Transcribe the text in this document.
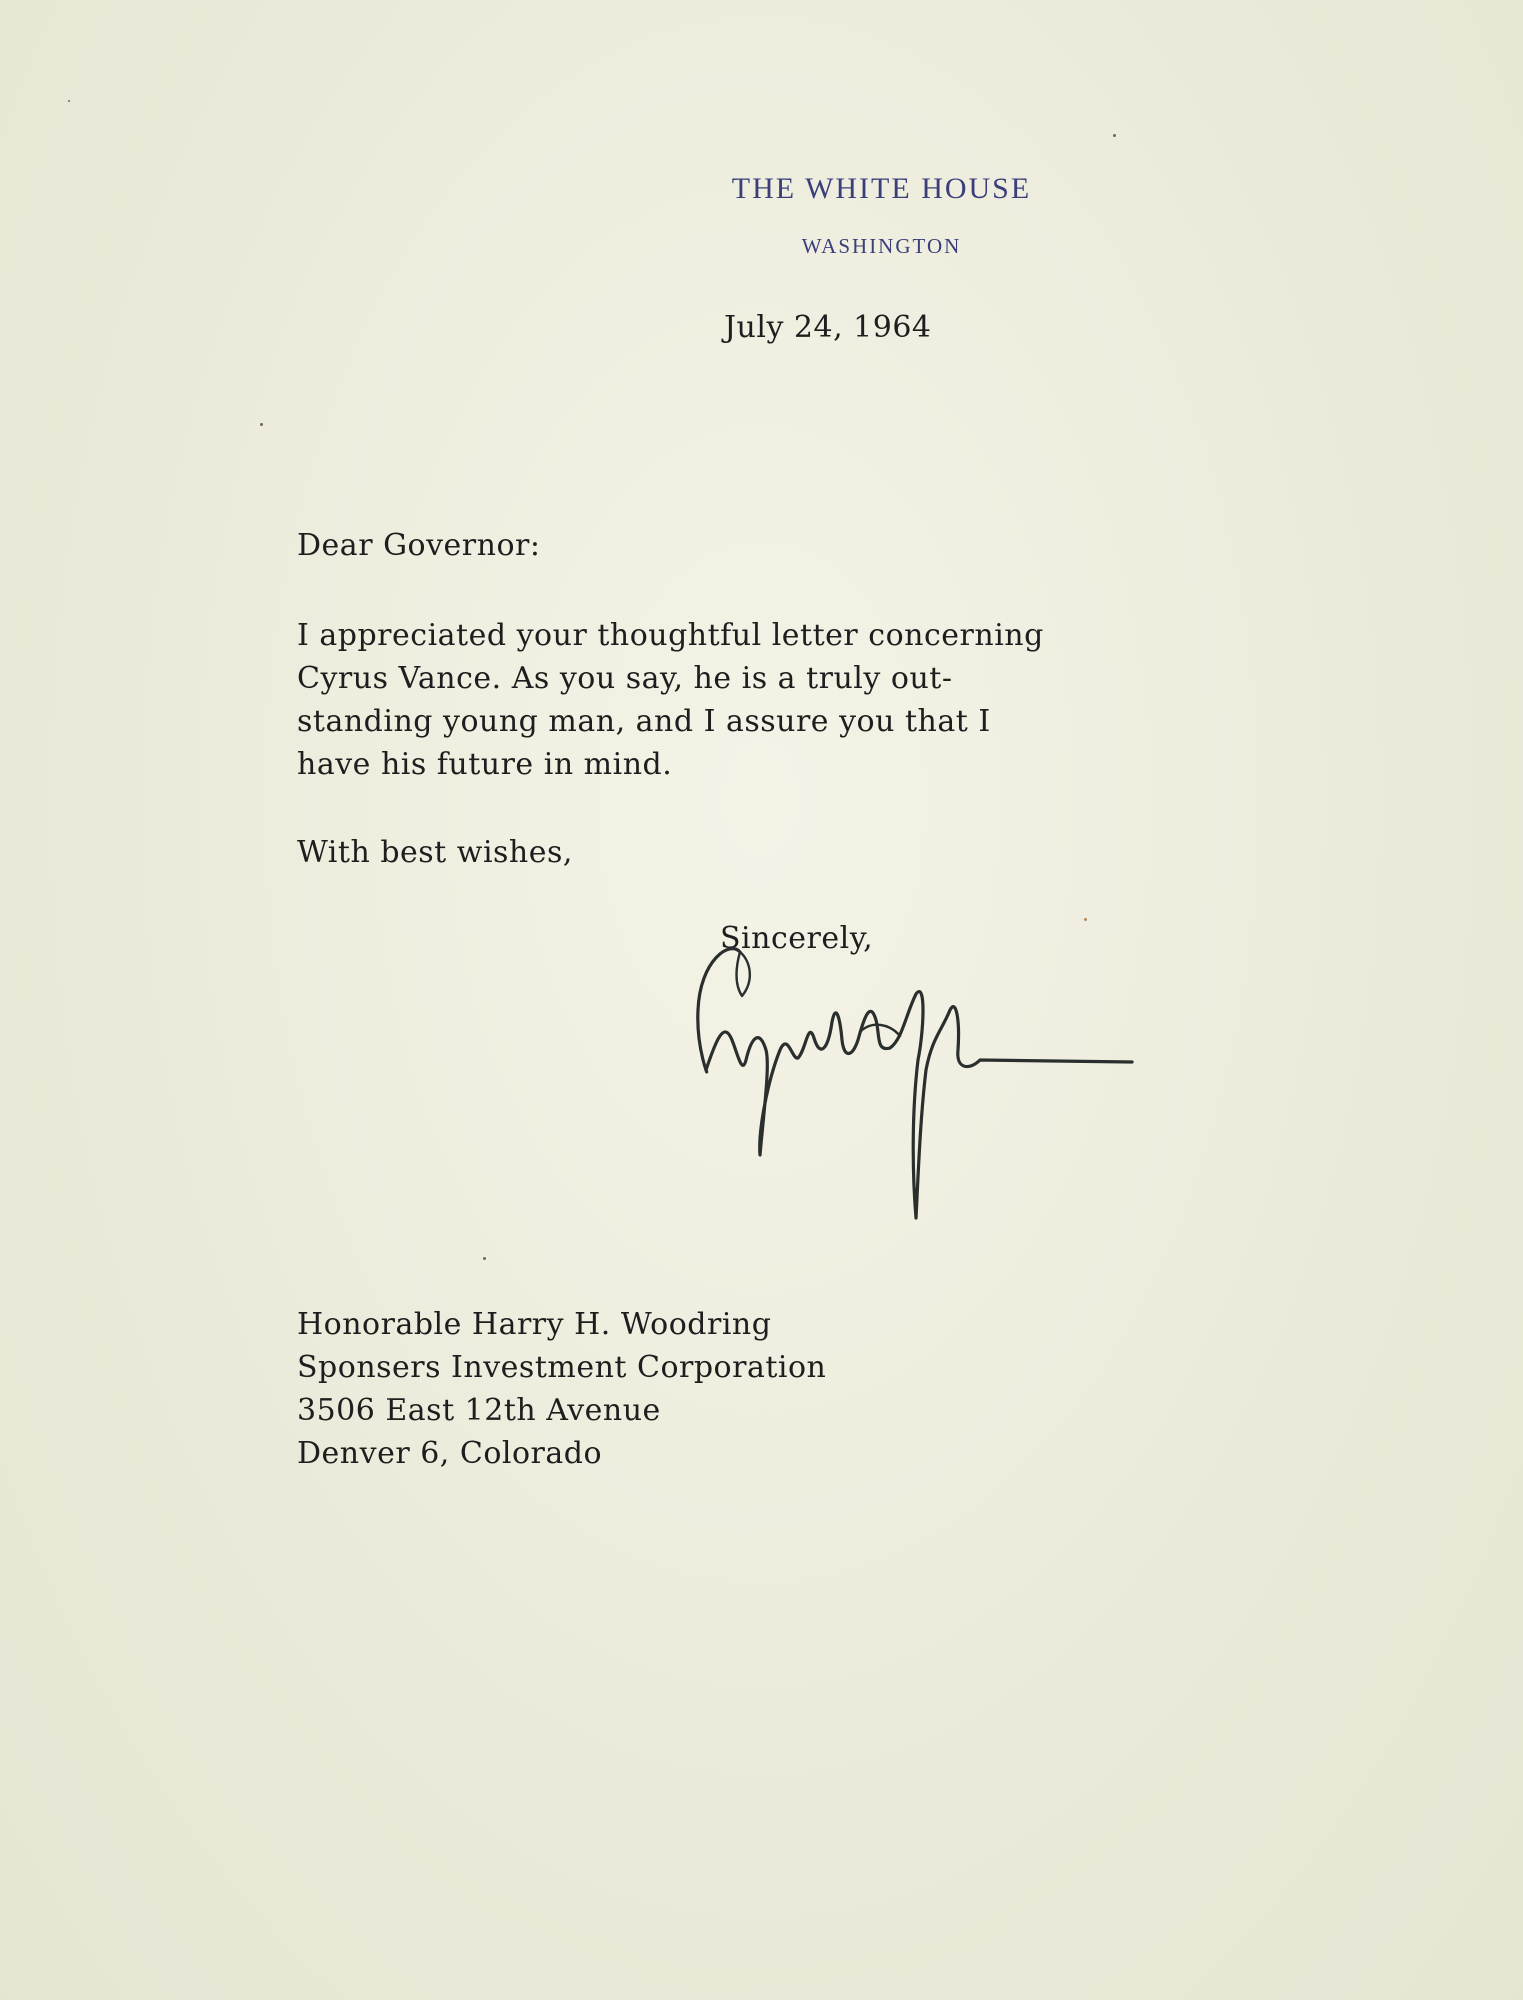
THE WHITE HOUSE
WASHINGTON
July 24, 1964
Dear Governor:
I appreciated your thoughtful letter concerning
Cyrus Vance. As you say, he is a truly out-
standing young man, and I assure you that I
have his future in mind.
With best wishes,
Sincerely,
Honorable Harry H. Woodring
Sponsers Investment Corporation
3506 East 12th Avenue
Denver 6, Colorado
